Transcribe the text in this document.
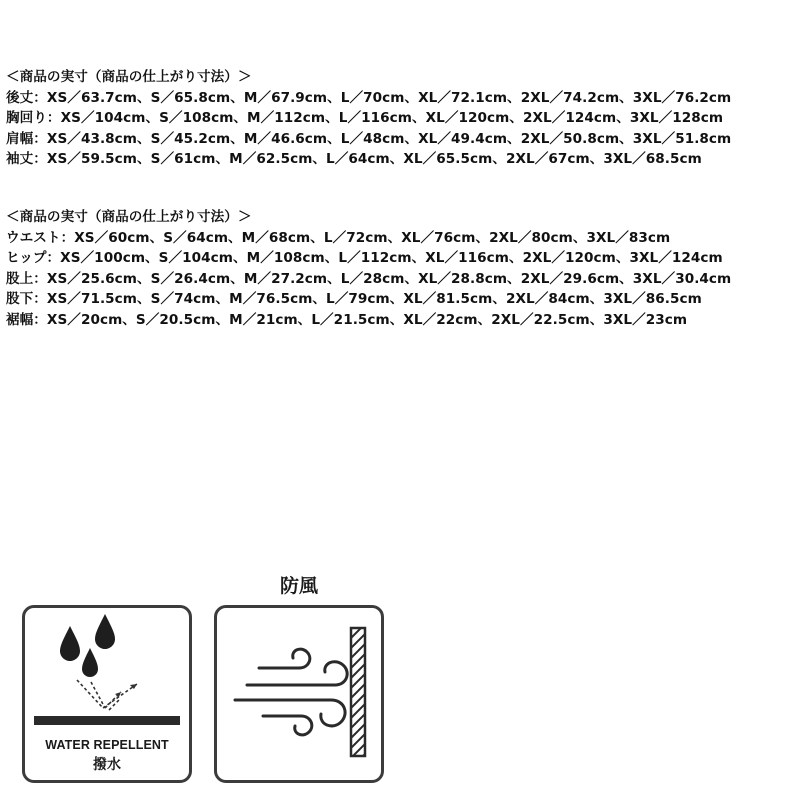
＜商品の実寸（商品の仕上がり寸法）＞
後丈：XS／63.7cm、S／65.8cm、M／67.9cm、L／70cm、XL／72.1cm、2XL／74.2cm、3XL／76.2cm
胸回り：XS／104cm、S／108cm、M／112cm、L／116cm、XL／120cm、2XL／124cm、3XL／128cm
肩幅：XS／43.8cm、S／45.2cm、M／46.6cm、L／48cm、XL／49.4cm、2XL／50.8cm、3XL／51.8cm
袖丈：XS／59.5cm、S／61cm、M／62.5cm、L／64cm、XL／65.5cm、2XL／67cm、3XL／68.5cm
＜商品の実寸（商品の仕上がり寸法）＞
ウエスト：XS／60cm、S／64cm、M／68cm、L／72cm、XL／76cm、2XL／80cm、3XL／83cm
ヒップ：XS／100cm、S／104cm、M／108cm、L／112cm、XL／116cm、2XL／120cm、3XL／124cm
股上：XS／25.6cm、S／26.4cm、M／27.2cm、L／28cm、XL／28.8cm、2XL／29.6cm、3XL／30.4cm
股下：XS／71.5cm、S／74cm、M／76.5cm、L／79cm、XL／81.5cm、2XL／84cm、3XL／86.5cm
裾幅：XS／20cm、S／20.5cm、M／21cm、L／21.5cm、XL／22cm、2XL／22.5cm、3XL／23cm
WATER REPELLENT
撥水
防風
